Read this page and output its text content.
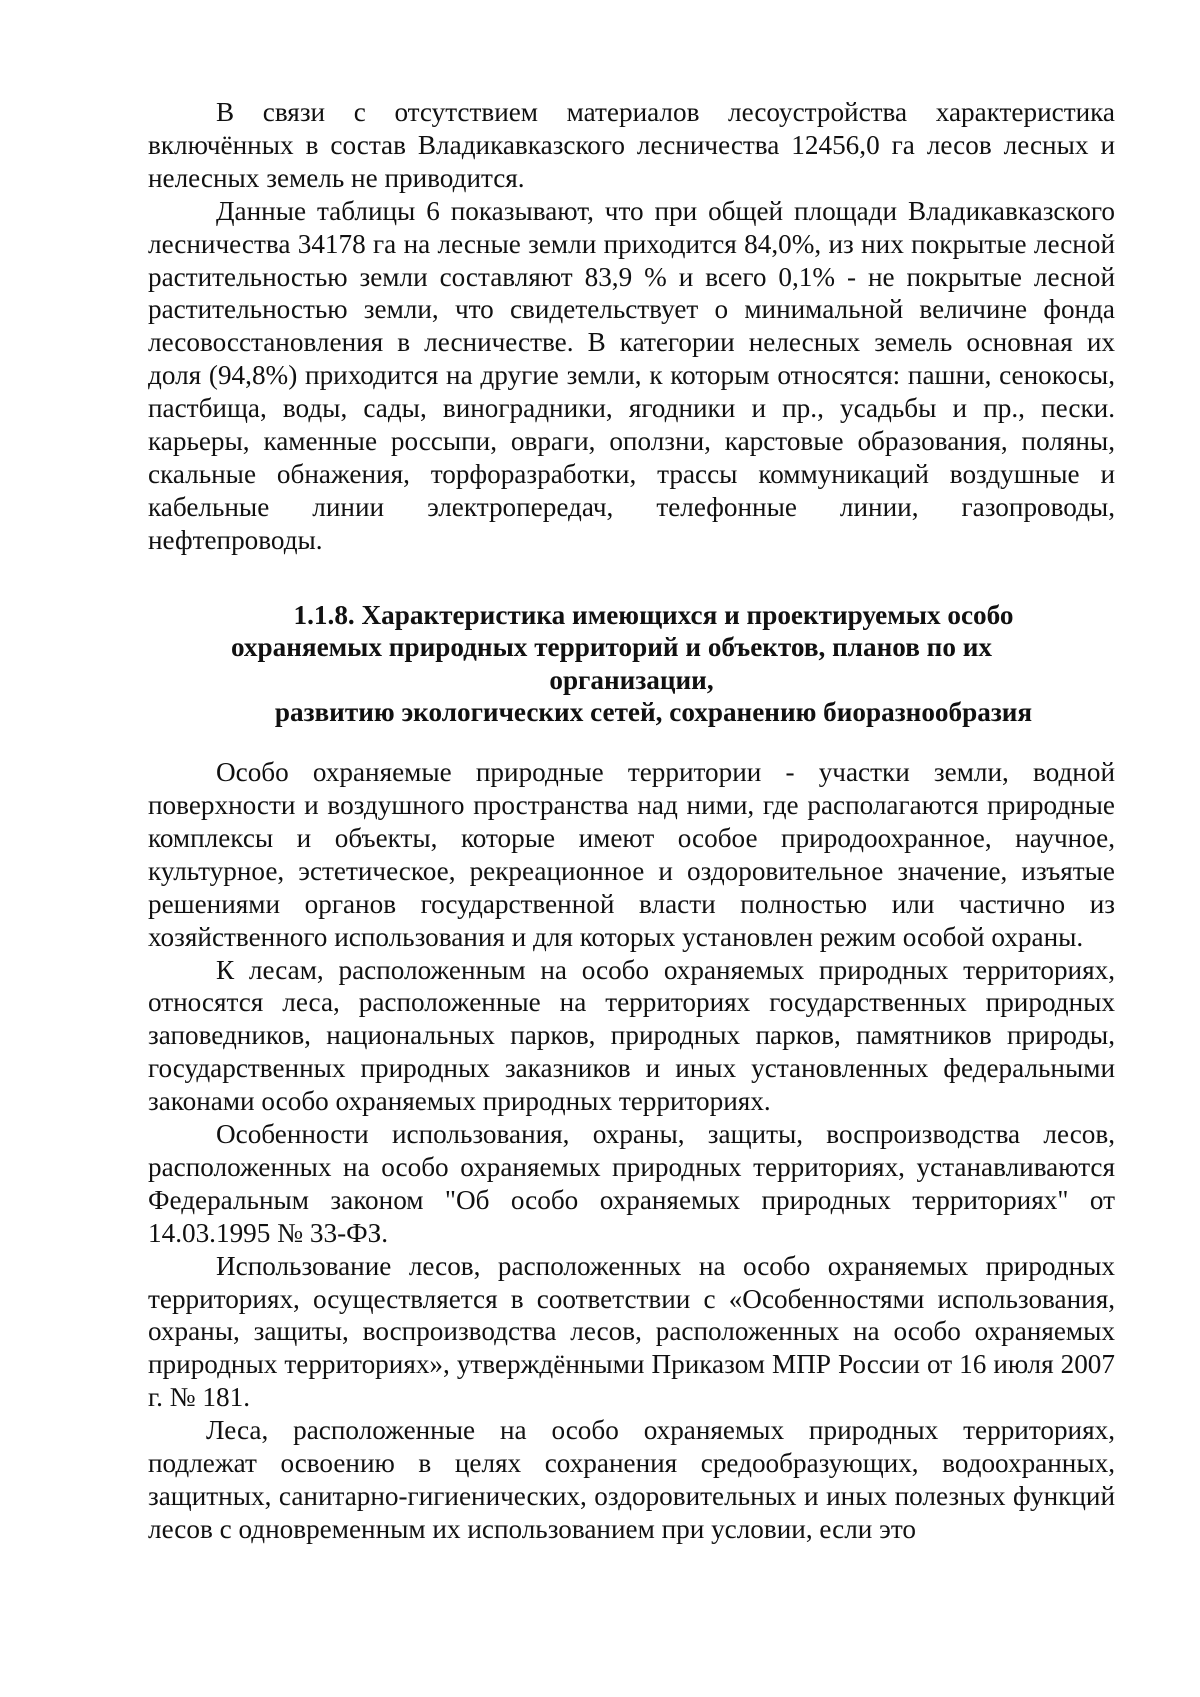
В связи с отсутствием материалов лесоустройства характеристика включённых в состав Владикавказского лесничества 12456,0 га лесов лесных и нелесных земель не приводится.

Данные таблицы 6 показывают, что при общей площади Владикавказского лесничества 34178 га на лесные земли приходится 84,0%, из них покрытые лесной растительностью земли составляют 83,9 % и всего 0,1% - не покрытые лесной растительностью земли, что свидетельствует о минимальной величине фонда лесовосстановления в лесничестве. В категории нелесных земель основная их доля (94,8%) приходится на другие земли, к которым относятся: пашни, сенокосы, пастбища, воды, сады, виноградники, ягодники и пр., усадьбы и пр., пески. карьеры, каменные россыпи, овраги, оползни, карстовые образования, поляны, скальные обнажения, торфоразработки, трассы коммуникаций воздушные и кабельные линии электропередач, телефонные линии, газопроводы, нефтепроводы.

1.1.8. Характеристика имеющихся и проектируемых особо
охраняемых природных территорий и объектов, планов по их
организации,
развитию экологических сетей, сохранению биоразнообразия

Особо охраняемые природные территории - участки земли, водной поверхности и воздушного пространства над ними, где располагаются природные комплексы и объекты, которые имеют особое природоохранное, научное, культурное, эстетическое, рекреационное и оздоровительное значение, изъятые решениями органов государственной власти полностью или частично из хозяйственного использования и для которых установлен режим особой охраны.

К лесам, расположенным на особо охраняемых природных территориях, относятся леса, расположенные на территориях государственных природных заповедников, национальных парков, природных парков, памятников природы, государственных природных заказников и иных установленных федеральными законами особо охраняемых природных территориях.

Особенности использования, охраны, защиты, воспроизводства лесов, расположенных на особо охраняемых природных территориях, устанавливаются Федеральным законом "Об особо охраняемых природных территориях" от 14.03.1995 № 33-ФЗ.

Использование лесов, расположенных на особо охраняемых природных территориях, осуществляется в соответствии с «Особенностями использования, охраны, защиты, воспроизводства лесов, расположенных на особо охраняемых природных территориях», утверждёнными Приказом МПР России от 16 июля 2007 г. № 181.

Леса, расположенные на особо охраняемых природных территориях, подлежат освоению в целях сохранения средообразующих, водоохранных, защитных, санитарно-гигиенических, оздоровительных и иных полезных функций лесов с одновременным их использованием при условии, если это
